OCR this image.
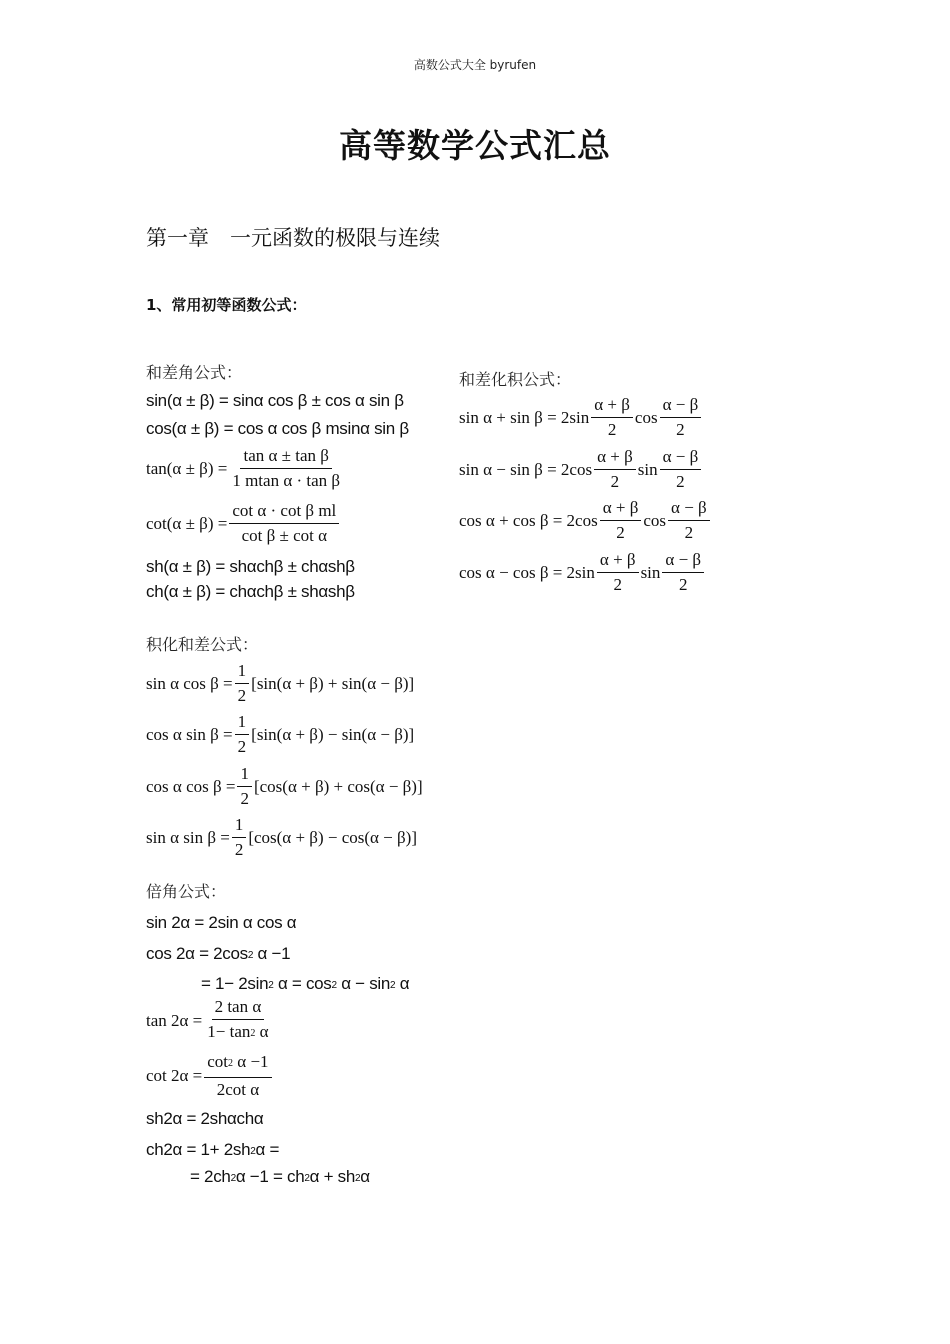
高数公式大全 byrufen
高等数学公式汇总
第一章　一元函数的极限与连续
1、常用初等函数公式：
和差角公式：
sin(α ± β) = sinα cos β ± cos α sin β
cos(α ± β) = cos α cos β msinα sin β
$\tan(\alpha \pm \beta) = \frac{\text{tan α ± tan β}}{\text{1 mtan α · tan β}}$
$\cot(\alpha \pm \beta) = \frac{\text{cot α · cot β ml}}{\text{cot β ± cot α}}$
sh(α ± β) = shαchβ ± chαshβ
ch(α ± β) = chαchβ ± shαshβ
和差化积公式：
$\sin \alpha + \sin \beta = 2\sin \frac{\alpha + \beta}{2}$ $\cos \frac{\alpha - \beta}{2}$
$\sin \alpha - \sin \beta = 2\cos \frac{\alpha + \beta}{2}$ $\sin \frac{\alpha - \beta}{2}$
$\cos \alpha + \cos \beta = 2\cos \frac{\alpha + \beta}{2}$ $\cos \frac{\alpha - \beta}{2}$
$\cos \alpha - \cos \beta = 2\sin \frac{\alpha + \beta}{2}$ $\sin \frac{\alpha - \beta}{2}$
积化和差公式：
sin α $\cos \beta = \frac{1}{2} [\sin(\alpha + \beta) + \sin(\alpha - \beta)]$
cos α $\sin \beta = \frac{1}{2} [\sin(\alpha + \beta) - \sin(\alpha - \beta)]$
cos α $\cos \beta = \frac{1}{2} [\cos(\alpha + \beta) + \cos(\alpha - \beta)]$
sin α $\sin \beta = \frac{1}{2} [\cos(\alpha + \beta) - \cos(\alpha - \beta)]$
倍角公式：
sin 2α = 2sin α cos α
cos 2α = 2cos2 α −1
= 1− 2sin2 α = cos2 α − sin2 α
$\tan 2\alpha = \frac{\text{2 tan α}}{1- \tan 2 \alpha}$
$\cot 2\alpha = \frac{\cot 2 \alpha -1}{\text{2cot α}}$
sh2α = 2shαchα
ch2α = 1+ 2sh2α =
= 2ch2α −1 = ch2α + sh2α
